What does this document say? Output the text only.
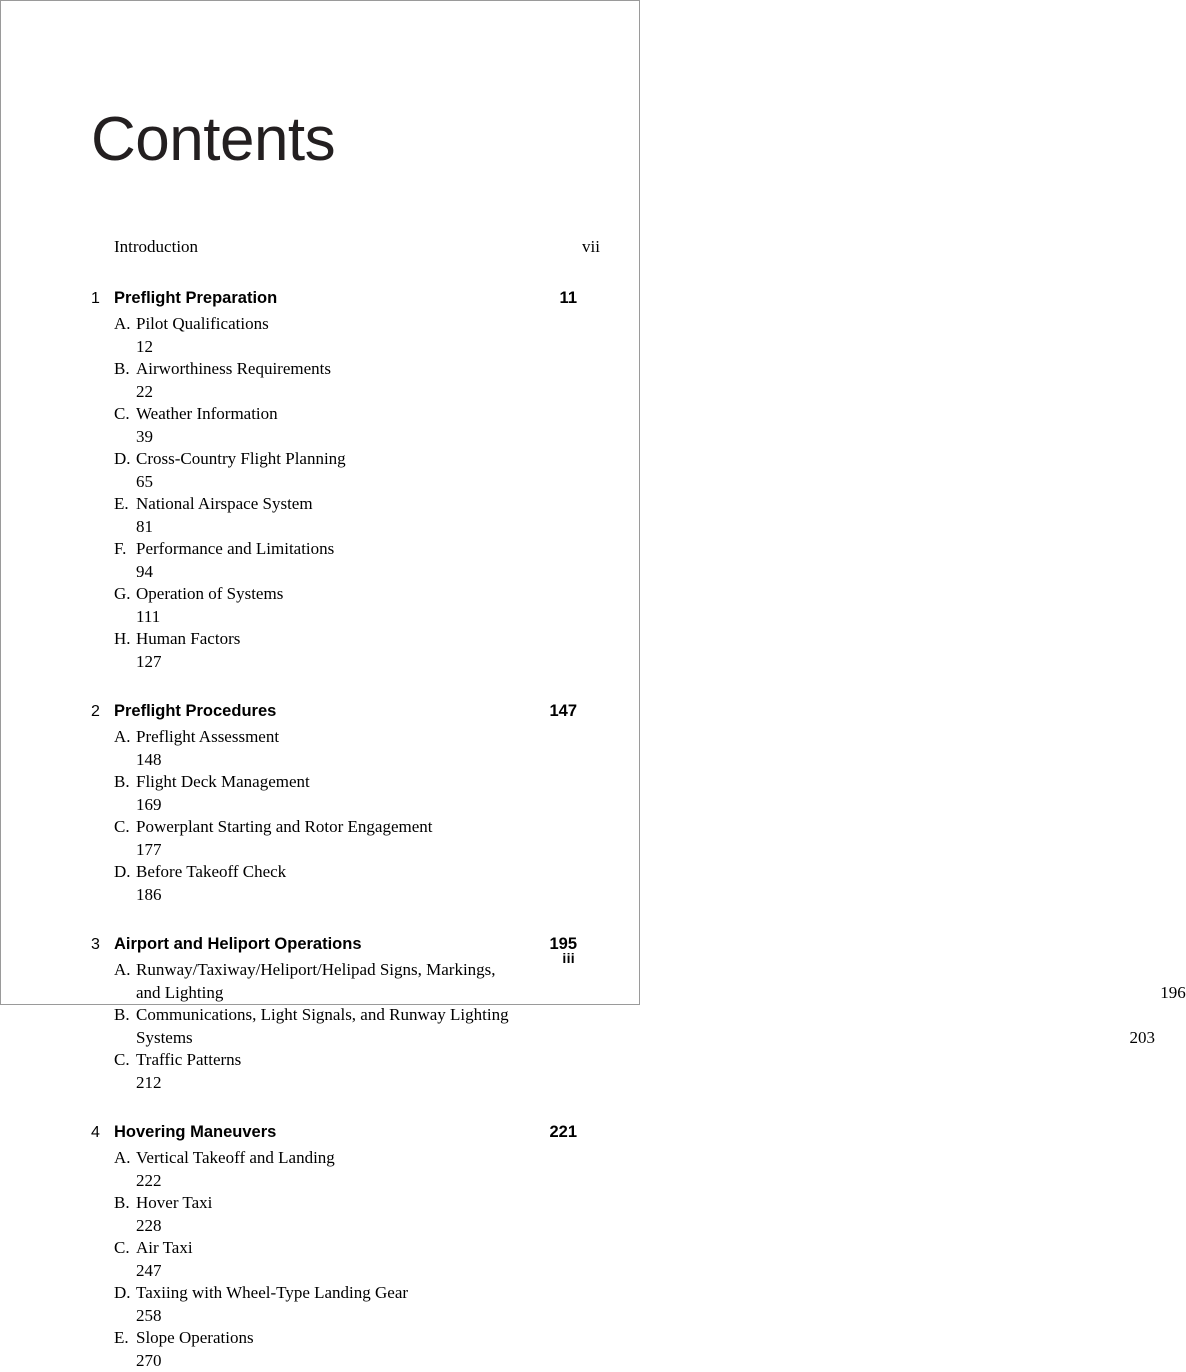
Contents
Introduction	vii
1 Preflight Preparation	11
A. Pilot Qualifications
12
B. Airworthiness Requirements
22
C. Weather Information
39
D. Cross-Country Flight Planning
65
E. National Airspace System
81
F. Performance and Limitations
94
G. Operation of Systems
111
H. Human Factors
127
2 Preflight Procedures	147
A. Preflight Assessment
148
B. Flight Deck Management
169
C. Powerplant Starting and Rotor Engagement
177
D. Before Takeoff Check
186
3 Airport and Heliport Operations	195
A. Runway/Taxiway/Heliport/Helipad Signs, Markings,
and Lighting	196
B. Communications, Light Signals, and Runway Lighting
Systems	203
C. Traffic Patterns
212
4 Hovering Maneuvers	221
A. Vertical Takeoff and Landing
222
B. Hover Taxi
228
C. Air Taxi
247
D. Taxiing with Wheel-Type Landing Gear
258
E. Slope Operations
270
iii
